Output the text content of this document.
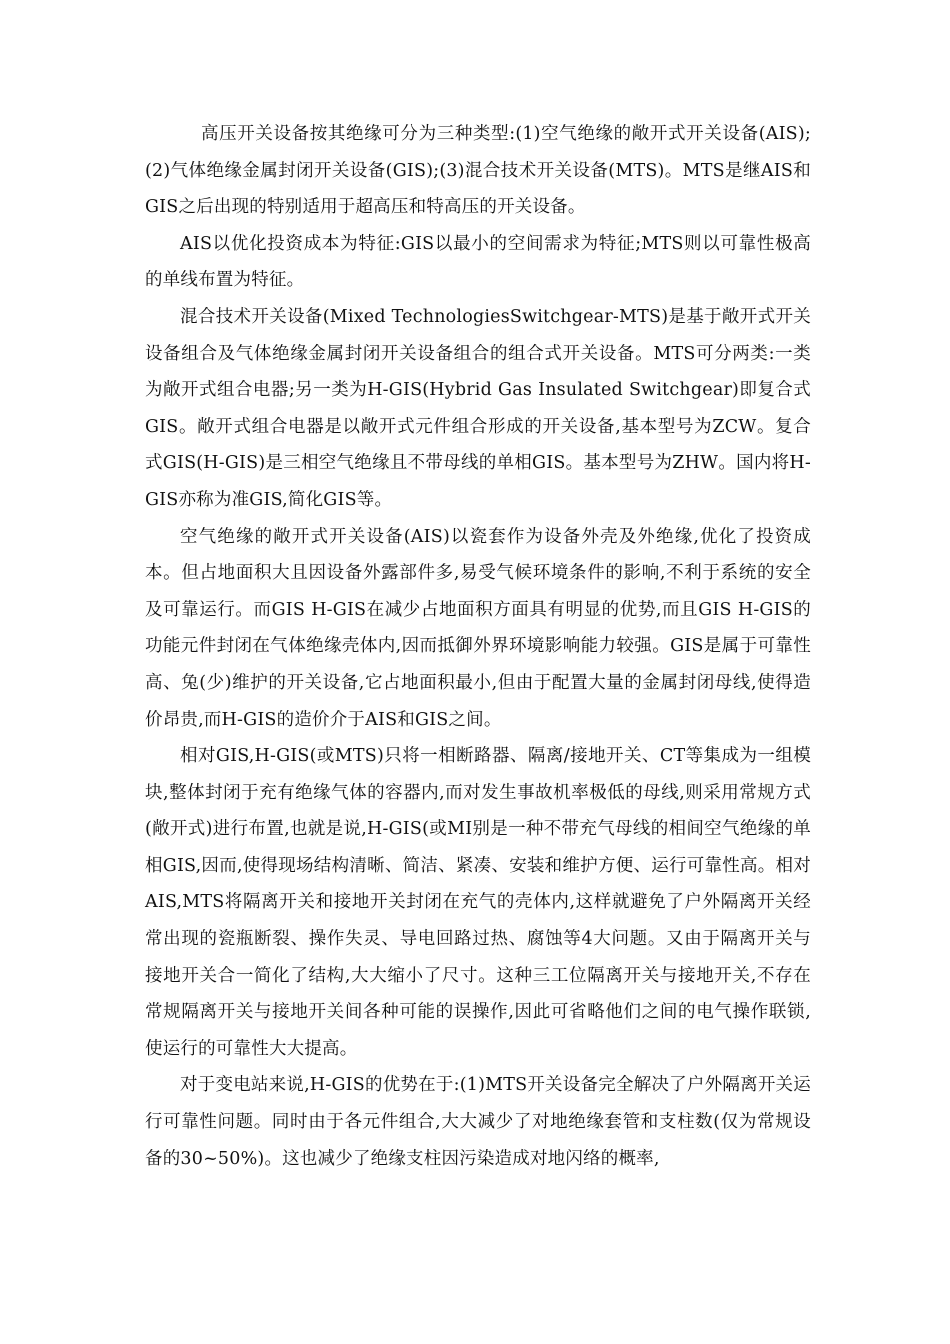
高压开关设备按其绝缘可分为三种类型:(1)空气绝缘的敞开式开关设备(AIS);(2)气体绝缘金属封闭开关设备(GIS);(3)混合技术开关设备(MTS)。MTS是继AIS和GIS之后出现的特别适用于超高压和特高压的开关设备。

AIS以优化投资成本为特征:GIS以最小的空间需求为特征;MTS则以可靠性极高的单线布置为特征。

混合技术开关设备(Mixed TechnologiesSwitchgear-MTS)是基于敞开式开关设备组合及气体绝缘金属封闭开关设备组合的组合式开关设备。MTS可分两类:一类为敞开式组合电器;另一类为H-GIS(Hybrid Gas Insulated Switchgear)即复合式GIS。敞开式组合电器是以敞开式元件组合形成的开关设备,基本型号为ZCW。复合式GIS(H-GIS)是三相空气绝缘且不带母线的单相GIS。基本型号为ZHW。国内将H-GIS亦称为准GIS,简化GIS等。

空气绝缘的敞开式开关设备(AIS)以瓷套作为设备外壳及外绝缘,优化了投资成本。但占地面积大且因设备外露部件多,易受气候环境条件的影响,不利于系统的安全及可靠运行。而GIS H-GIS在减少占地面积方面具有明显的优势,而且GIS H-GIS的功能元件封闭在气体绝缘壳体内,因而抵御外界环境影响能力较强。GIS是属于可靠性高、兔(少)维护的开关设备,它占地面积最小,但由于配置大量的金属封闭母线,使得造价昂贵,而H-GIS的造价介于AIS和GIS之间。

相对GIS,H-GIS(或MTS)只将一相断路器、隔离/接地开关、CT等集成为一组模块,整体封闭于充有绝缘气体的容器内,而对发生事故机率极低的母线,则采用常规方式(敞开式)进行布置,也就是说,H-GIS(或MI别是一种不带充气母线的相间空气绝缘的单相GIS,因而,使得现场结构清晰、简洁、紧凑、安装和维护方便、运行可靠性高。相对AIS,MTS将隔离开关和接地开关封闭在充气的壳体内,这样就避免了户外隔离开关经常出现的瓷瓶断裂、操作失灵、导电回路过热、腐蚀等4大问题。又由于隔离开关与接地开关合一简化了结构,大大缩小了尺寸。这种三工位隔离开关与接地开关,不存在常规隔离开关与接地开关间各种可能的误操作,因此可省略他们之间的电气操作联锁,使运行的可靠性大大提高。

对于变电站来说,H-GIS的优势在于:(1)MTS开关设备完全解决了户外隔离开关运行可靠性问题。同时由于各元件组合,大大减少了对地绝缘套管和支柱数(仅为常规设备的30~50%)。这也减少了绝缘支柱因污染造成对地闪络的概率,
